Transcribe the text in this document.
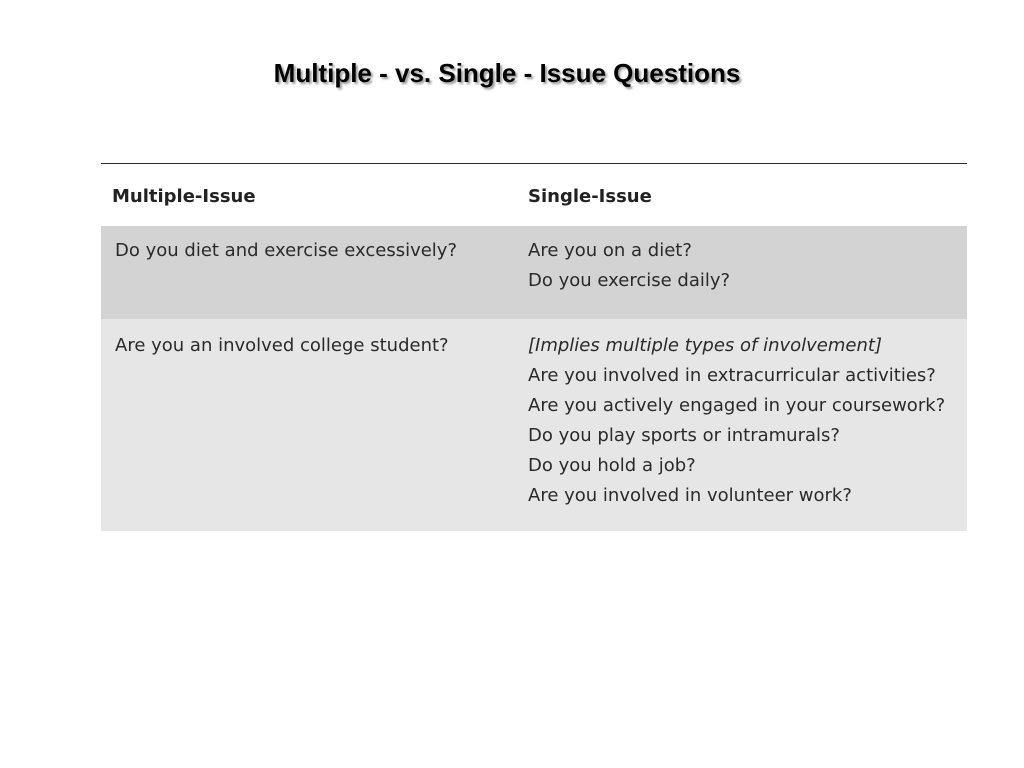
Multiple - vs. Single - Issue Questions
Multiple-Issue	Single-Issue
Do you diet and exercise excessively?	Are you on a diet?
Do you exercise daily?
Are you an involved college student?	[Implies multiple types of involvement]
Are you involved in extracurricular activities?
Are you actively engaged in your coursework?
Do you play sports or intramurals?
Do you hold a job?
Are you involved in volunteer work?
